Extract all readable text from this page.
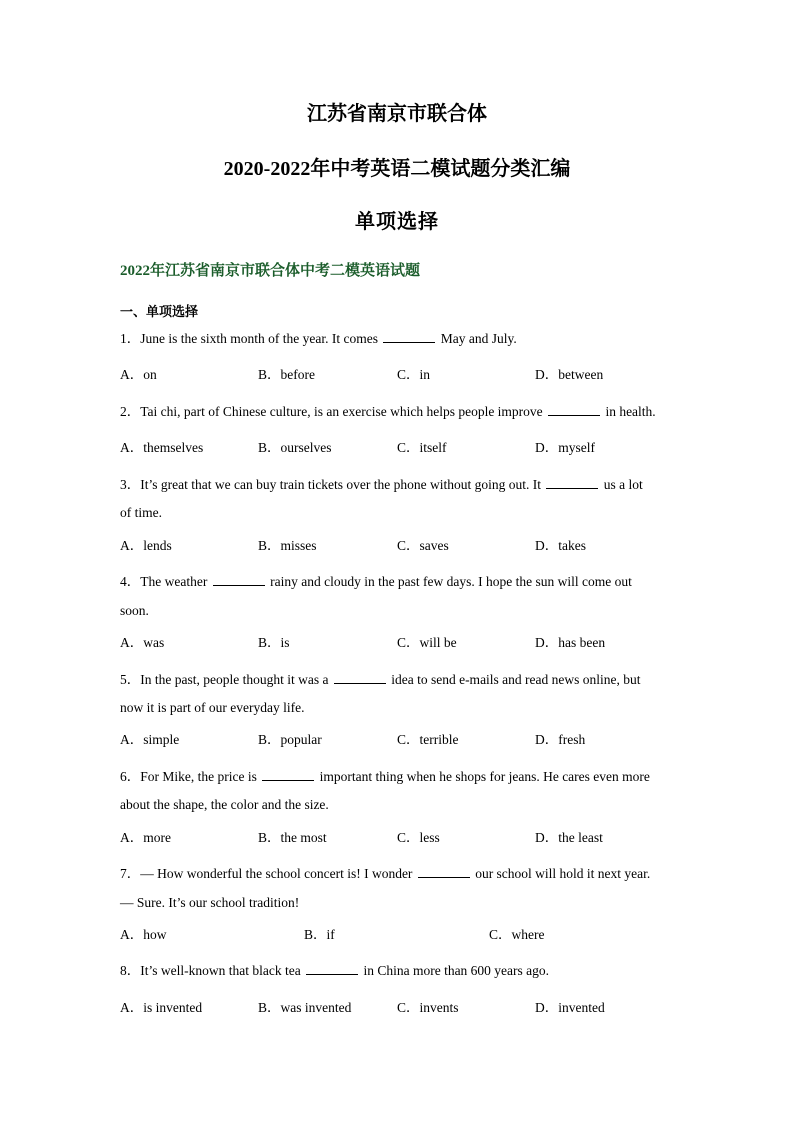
江苏省南京市联合体
2020-2022年中考英语二模试题分类汇编
单项选择
2022年江苏省南京市联合体中考二模英语试题
一、单项选择
1．June is the sixth month of the year. It comes	May and July.
A．on	B．before	C．in	D．between
2．Tai chi, part of Chinese culture, is an exercise which helps people improve	in health.
A．themselves	B．ourselves	C．itself	D．myself
3．It’s great that we can buy train tickets over the phone without going out. It	us a lot
of time.
A．lends	B．misses	C．saves	D．takes
4．The weather	rainy and cloudy in the past few days. I hope the sun will come out
soon.
A．was	B．is	C．will be	D．has been
5．In the past, people thought it was a	idea to send e-mails and read news online, but
now it is part of our everyday life.
A．simple	B．popular	C．terrible	D．fresh
6．For Mike, the price is	important thing when he shops for jeans. He cares even more
about the shape, the color and the size.
A．more	B．the most	C．less	D．the least
7．— How wonderful the school concert is! I wonder	our school will hold it next year.
— Sure. It’s our school tradition!
A．how	B．if	C．where
8．It’s well-known that black tea	in China more than 600 years ago.
A．is invented	B．was invented	C．invents	D．invented
